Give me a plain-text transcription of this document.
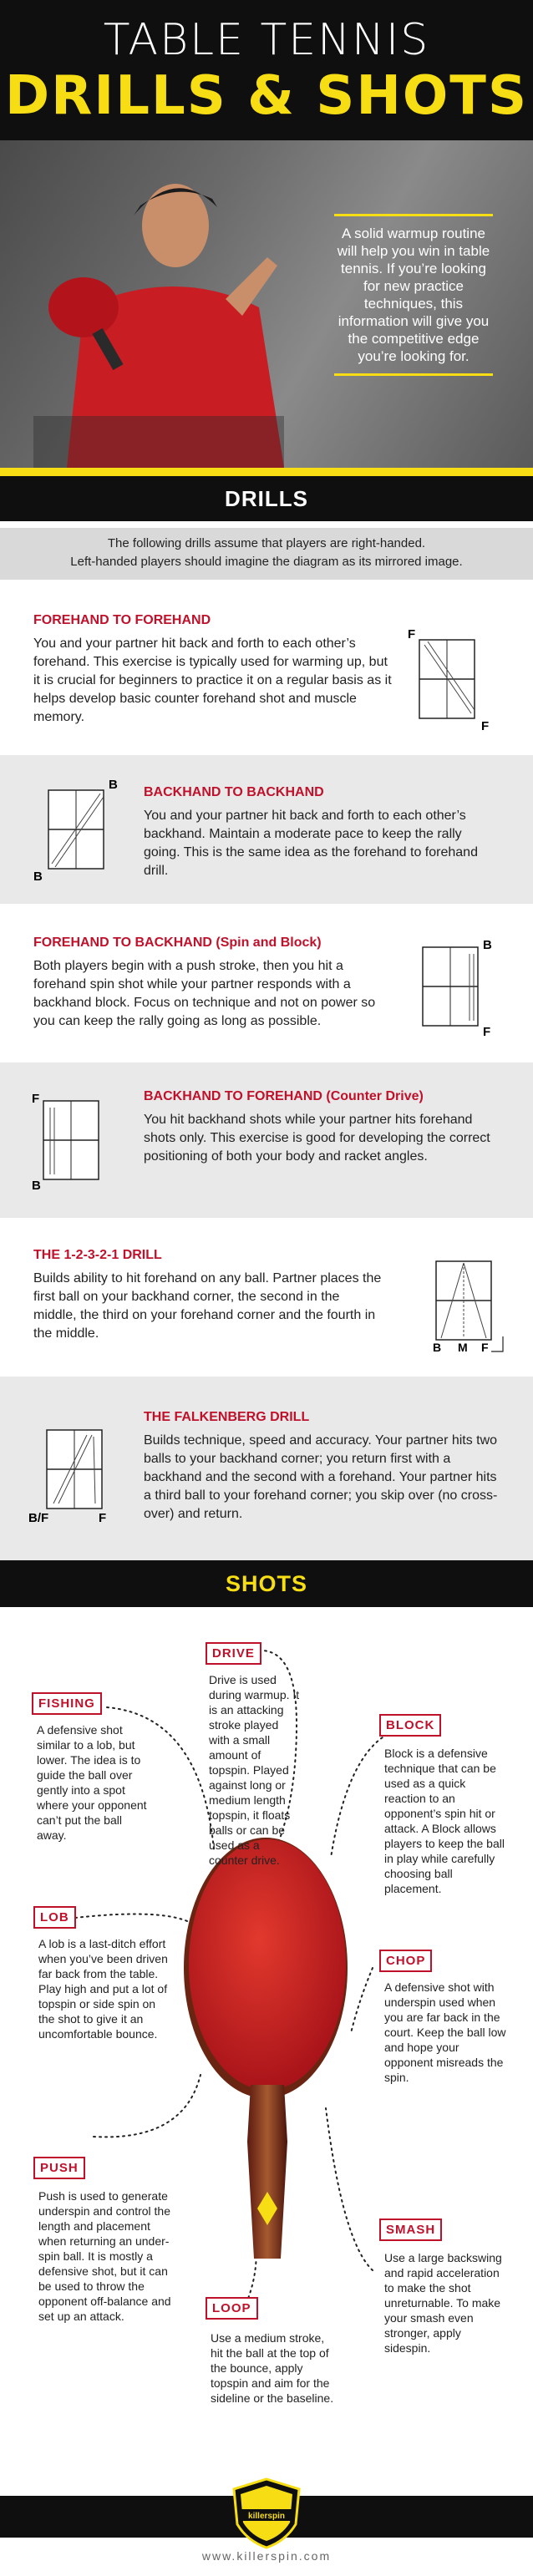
TABLE TENNIS
DRILLS & SHOTS
A solid warmup routine will help you win in table tennis. If you’re looking for new practice techniques, this information will give you the competitive edge you’re looking for.
DRILLS
The following drills assume that players are right-handed.
Left-handed players should imagine the diagram as its mirrored image.
FOREHAND TO FOREHAND

You and your partner hit back and forth to each other’s forehand. This exercise is typically used for warming up, but it is crucial for beginners to practice it on a regular basis as it helps develop basic counter forehand shot and muscle memory.

F
F
B
B
BACKHAND TO BACKHAND

You and your partner hit back and forth to each other’s backhand. Maintain a moderate pace to keep the rally going. This is the same idea as the forehand to forehand drill.

FOREHAND TO BACKHAND (Spin and Block)

Both players begin with a push stroke, then you hit a forehand spin shot while your partner responds with a backhand block. Focus on technique and not on power so you can keep the rally going as long as possible.

B
F
F
B
BACKHAND TO FOREHAND (Counter Drive)

You hit backhand shots while your partner hits forehand shots only. This exercise is good for developing the correct positioning of both your body and racket angles.

THE 1-2-3-2-1 DRILL

Builds ability to hit forehand on any ball. Partner places the first ball on your backhand corner, the second in the middle, the third on your forehand corner and the fourth in the middle.

B M F
B/F	F
THE FALKENBERG DRILL

Builds technique, speed and accuracy. Your partner hits two balls to your backhand corner; you return first with a backhand and the second with a forehand. Your partner hits a third ball to your forehand corner; you skip over (no cross-over) and return.

SHOTS
DRIVE
Drive is used during warmup. It is an attacking stroke played with a small amount of topspin. Played against long or medium length topspin, it floats balls or can be used as a counter drive.
FISHING
A defensive shot similar to a lob, but lower. The idea is to guide the ball over gently into a spot where your opponent can’t put the ball away.
BLOCK
Block is a defensive technique that can be used as a quick reaction to an opponent’s spin hit or attack. A Block allows players to keep the ball in play while carefully choosing ball placement.
LOB
A lob is a last-ditch effort when you’ve been driven far back from the table. Play high and put a lot of topspin or side spin on the shot to give it an uncomfortable bounce.
CHOP
A defensive shot with underspin used when you are far back in the court. Keep the ball low and hope your opponent misreads the spin.
PUSH
Push is used to generate underspin and control the length and placement when returning an under-spin ball. It is mostly a defensive shot, but it can be used to throw the opponent off-balance and set up an attack.
SMASH
Use a large backswing and rapid acceleration to make the shot unreturnable. To make your smash even stronger, apply sidespin.
LOOP
Use a medium stroke, hit the ball at the top of the bounce, apply topspin and aim for the sideline or the baseline.
killerspin
www.killerspin.com
